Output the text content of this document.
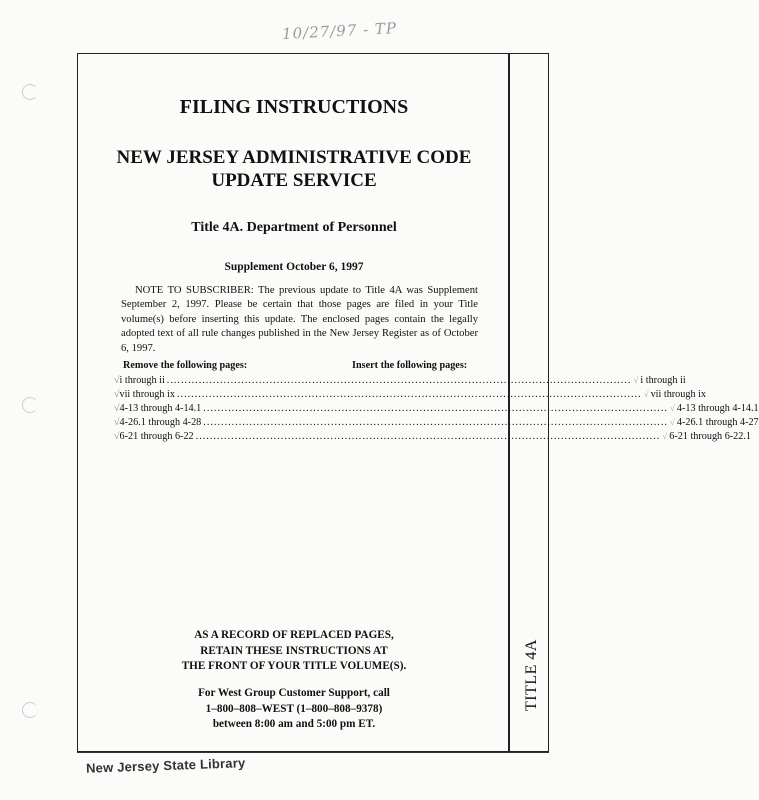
10/27/97 - TP
TITLE 4A
FILING INSTRUCTIONS
NEW JERSEY ADMINISTRATIVE CODE
UPDATE SERVICE
Title 4A. Department of Personnel
Supplement October 6, 1997
NOTE TO SUBSCRIBER: The previous update to Title 4A was Supplement September 2, 1997. Please be certain that those pages are filed in your Title volume(s) before inserting this update. The enclosed pages contain the legally adopted text of all rule changes published in the New Jersey Register as of October 6, 1997.
Remove the following pages:	Insert the following pages:
√ i through ii ................................................................................................................................... √ i through ii
√ vii through ix ................................................................................................................................... √ vii through ix
√ 4-13 through 4-14.1 ................................................................................................................................... √ 4-13 through 4-14.1
√ 4-26.1 through 4-28 ................................................................................................................................... √ 4-26.1 through 4-27
√ 6-21 through 6-22 ................................................................................................................................... √ 6-21 through 6-22.1
AS A RECORD OF REPLACED PAGES,
RETAIN THESE INSTRUCTIONS AT
THE FRONT OF YOUR TITLE VOLUME(S).
For West Group Customer Support, call
1–800–808–WEST (1–800–808–9378)
between 8:00 am and 5:00 pm ET.
New Jersey State Library
